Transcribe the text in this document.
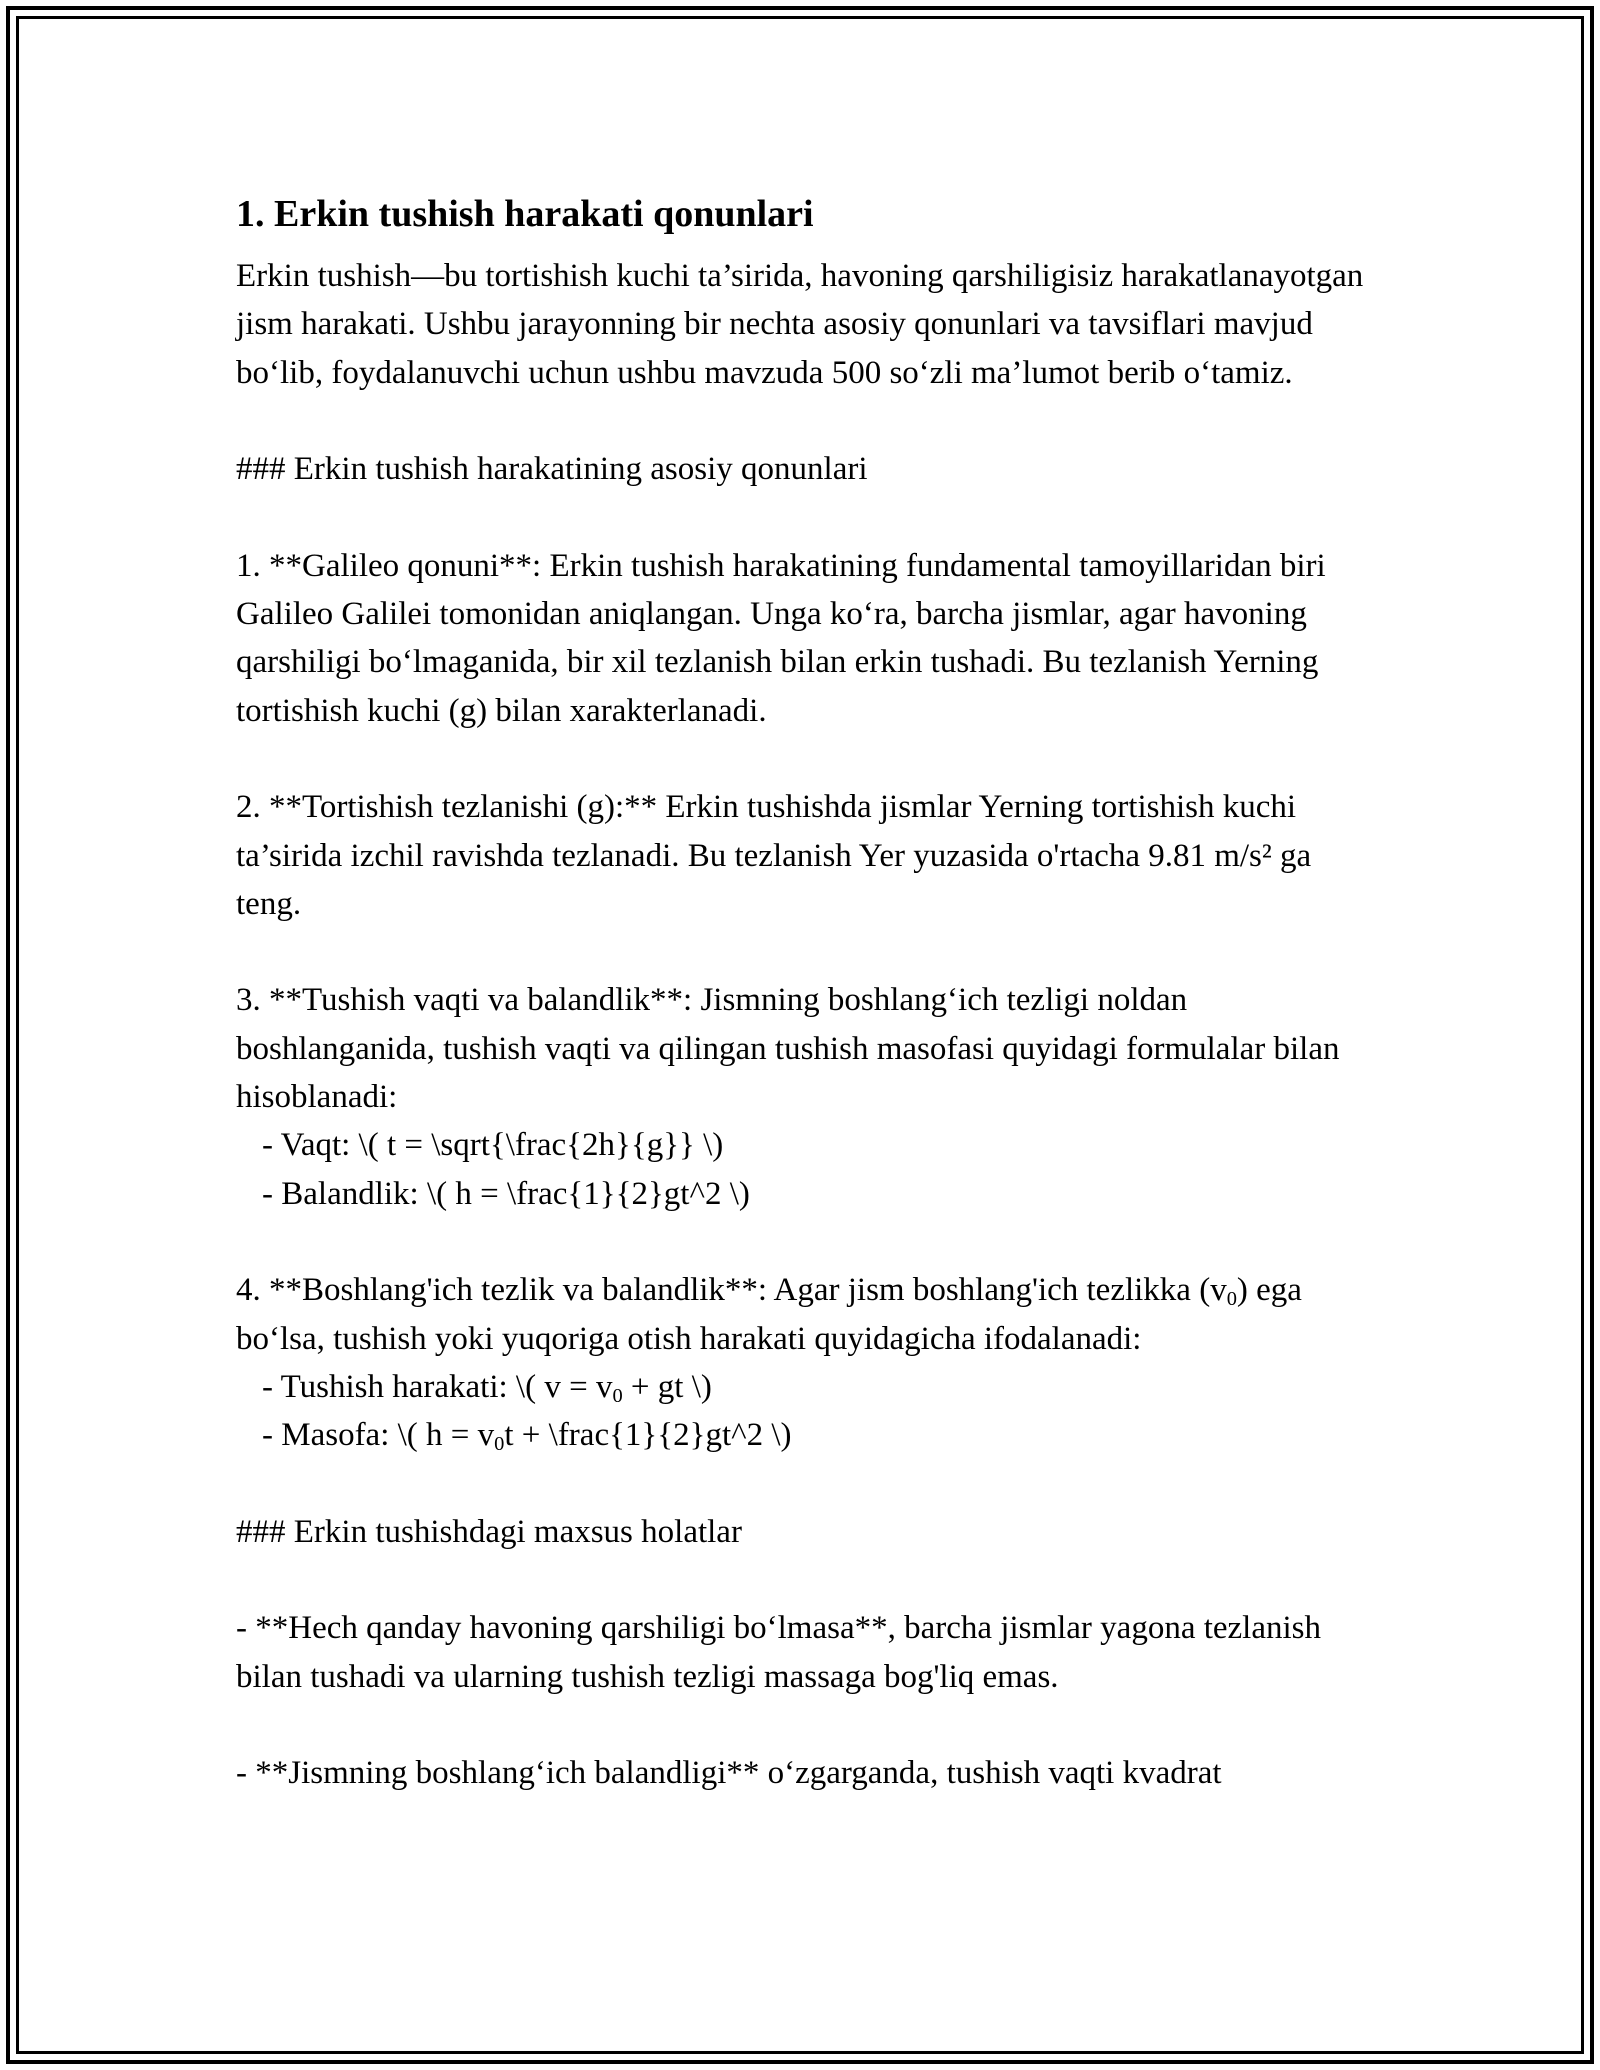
1. Erkin tushish harakati qonunlari

Erkin tushish—bu tortishish kuchi ta’sirida, havoning qarshiligisiz harakatlanayotgan jism harakati. Ushbu jarayonning bir nechta asosiy qonunlari va tavsiflari mavjud bo‘lib, foydalanuvchi uchun ushbu mavzuda 500 so‘zli ma’lumot berib o‘tamiz.

### Erkin tushish harakatining asosiy qonunlari

1. **Galileo qonuni**: Erkin tushish harakatining fundamental tamoyillaridan biri Galileo Galilei tomonidan aniqlangan. Unga ko‘ra, barcha jismlar, agar havoning qarshiligi bo‘lmaganida, bir xil tezlanish bilan erkin tushadi. Bu tezlanish Yerning tortishish kuchi (g) bilan xarakterlanadi.

2. **Tortishish tezlanishi (g):** Erkin tushishda jismlar Yerning tortishish kuchi ta’sirida izchil ravishda tezlanadi. Bu tezlanish Yer yuzasida o'rtacha 9.81 m/s² ga teng.

3. **Tushish vaqti va balandlik**: Jismning boshlang‘ich tezligi noldan boshlanganida, tushish vaqti va qilingan tushish masofasi quyidagi formulalar bilan hisoblanadi:

- Vaqt: \( t = \sqrt{\frac{2h}{g}} \)

- Balandlik: \( h = \frac{1}{2}gt^2 \)

4. **Boshlang'ich tezlik va balandlik**: Agar jism boshlang'ich tezlikka $(v_0)$ ega bo‘lsa, tushish yoki yuqoriga otish harakati quyidagicha ifodalanadi:

- Tushish harakati: \( $v = v_0$ + gt \)

- Masofa: \( $h = v_0t$ + \frac{1}{2}gt^2 \)

### Erkin tushishdagi maxsus holatlar

- **Hech qanday havoning qarshiligi bo‘lmasa**, barcha jismlar yagona tezlanish bilan tushadi va ularning tushish tezligi massaga bog'liq emas.

- **Jismning boshlang‘ich balandligi** o‘zgarganda, tushish vaqti kvadrat
